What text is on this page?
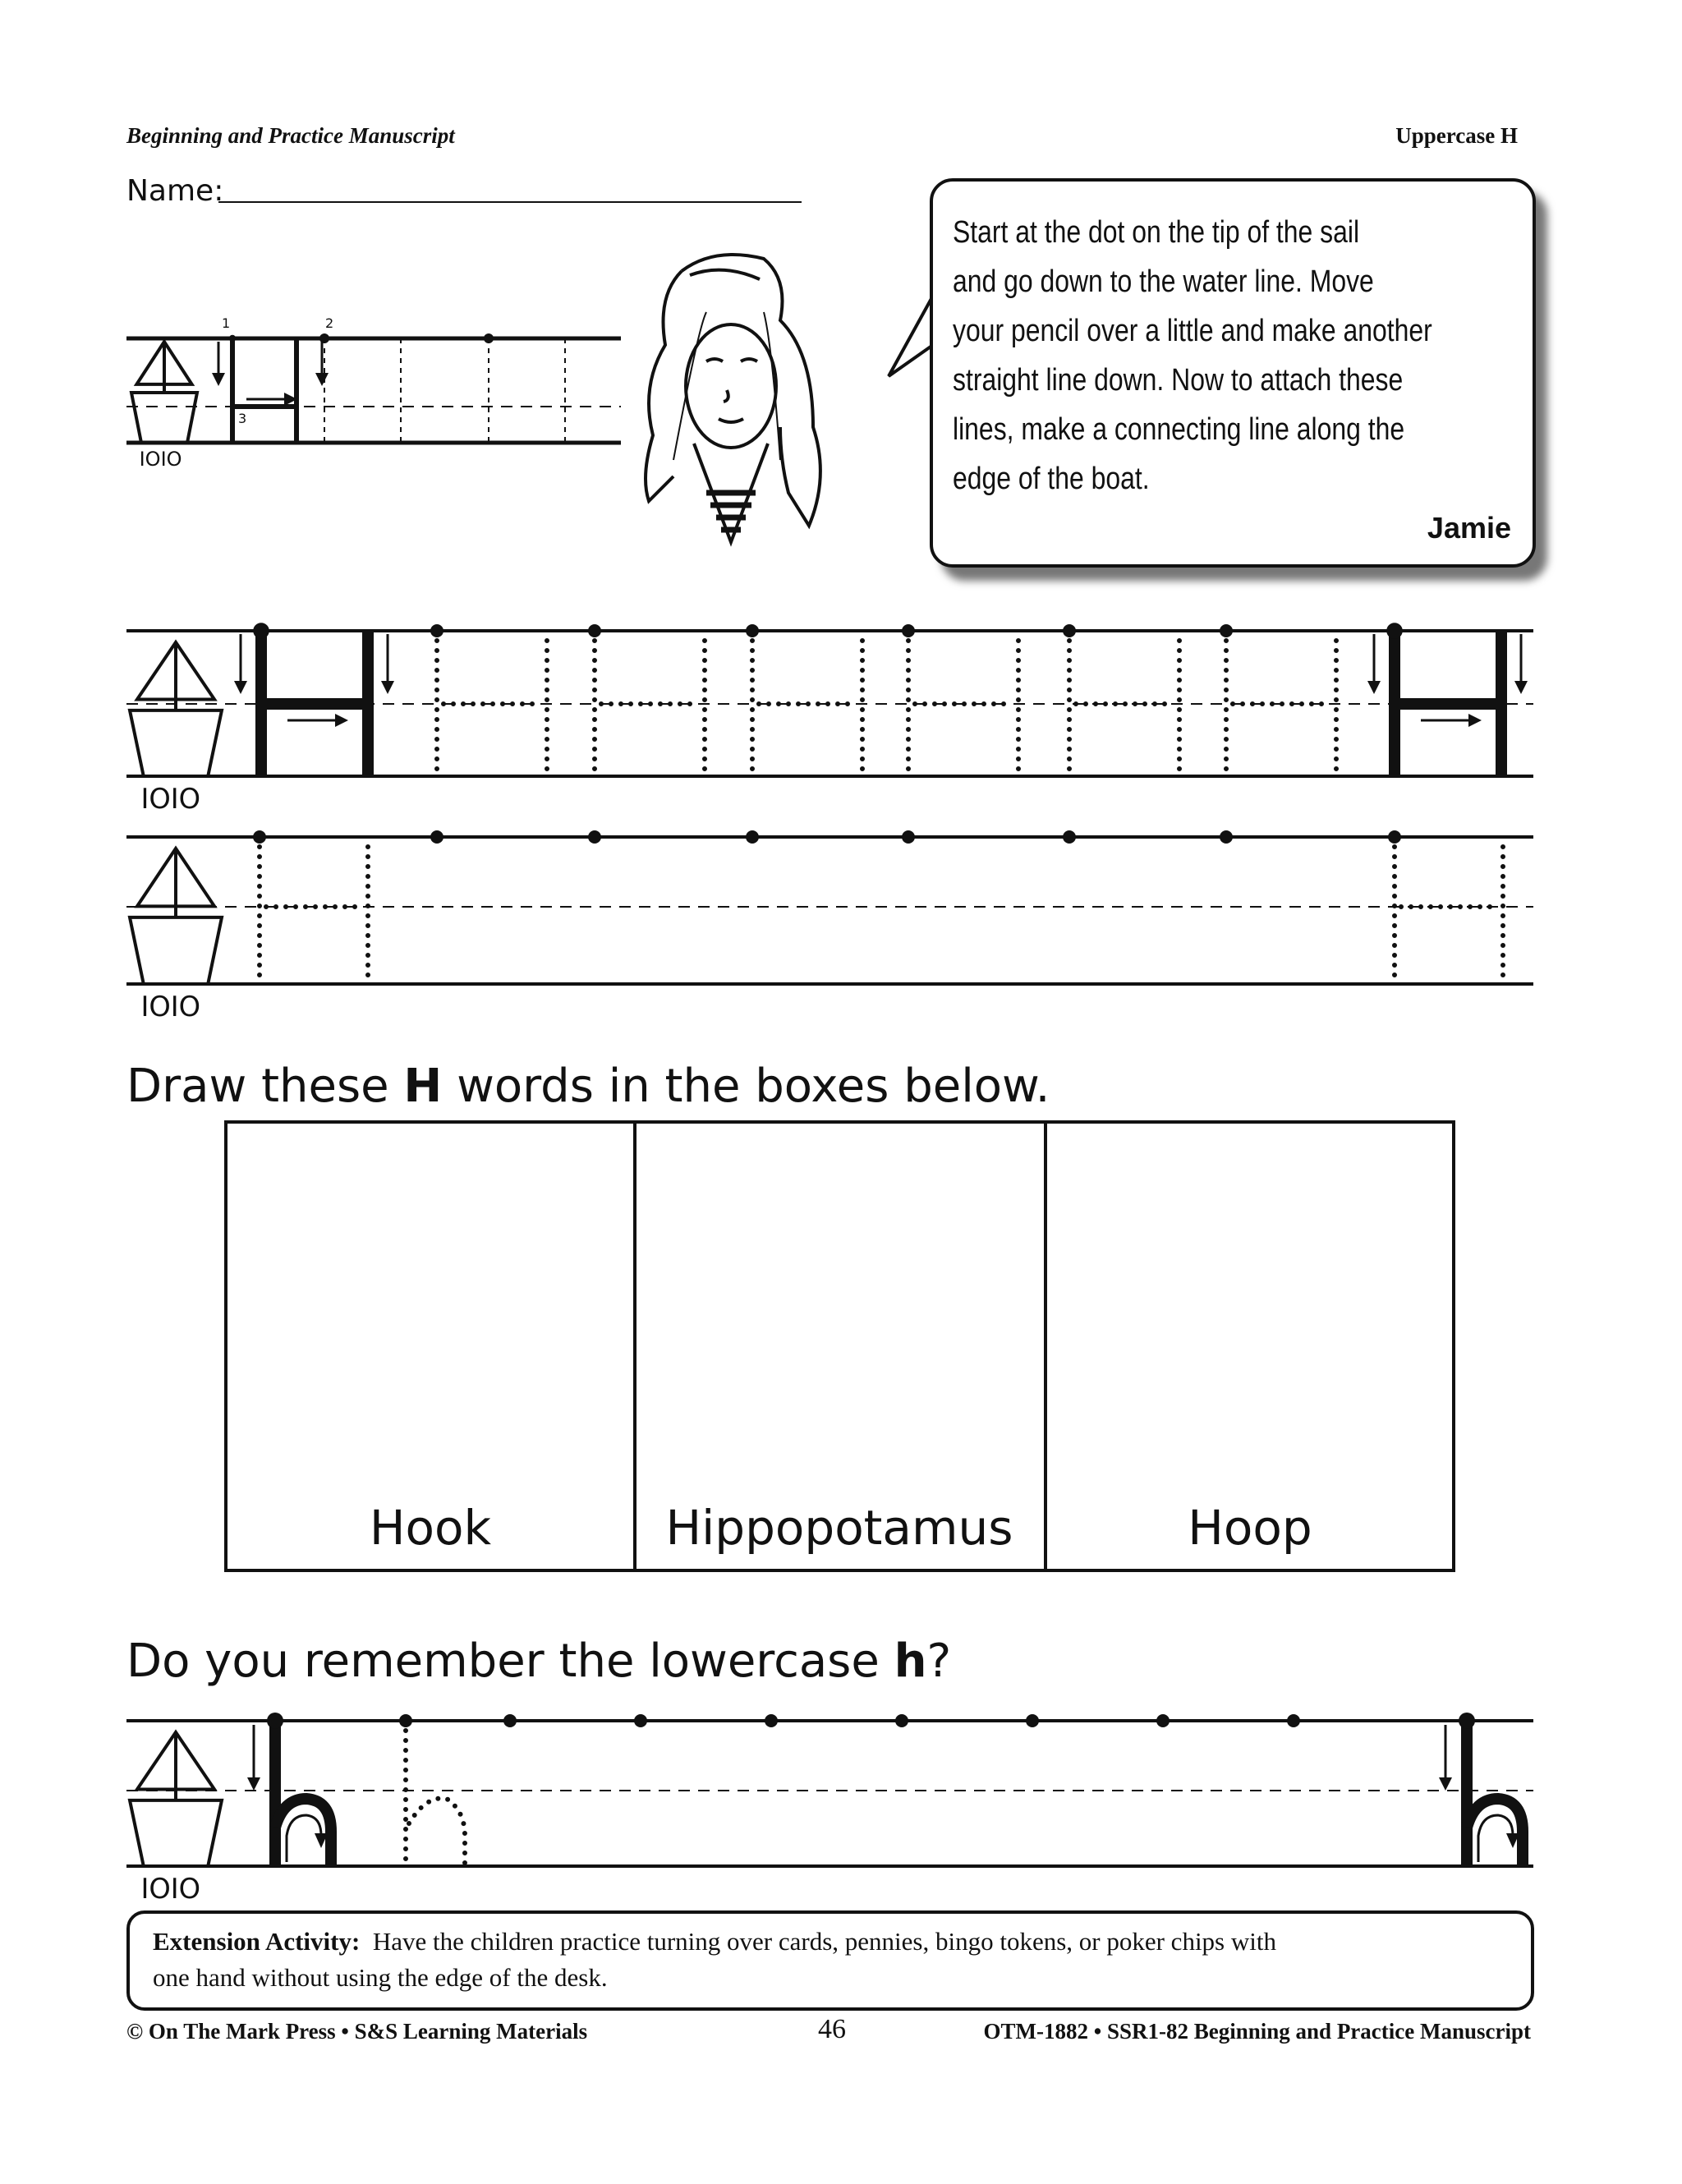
IOIO
IOIO
IOIO
IOIO
Beginning and Practice Manuscript	Uppercase H
Name:
1	2
3
Start at the dot on the tip of the sail
and go down to the water line. Move
your pencil over a little and make another
straight line down. Now to attach these
lines, make a connecting line along the
edge of the boat.
Jamie
Draw these H words in the boxes below.
Hook	Hippopotamus	Hoop
Do you remember the lowercase h?
Extension Activity: Have the children practice turning over cards, pennies, bingo tokens, or poker chips with
one hand without using the edge of the desk.
© On The Mark Press • S&S Learning Materials	46	OTM-1882 • SSR1-82 Beginning and Practice Manuscript
